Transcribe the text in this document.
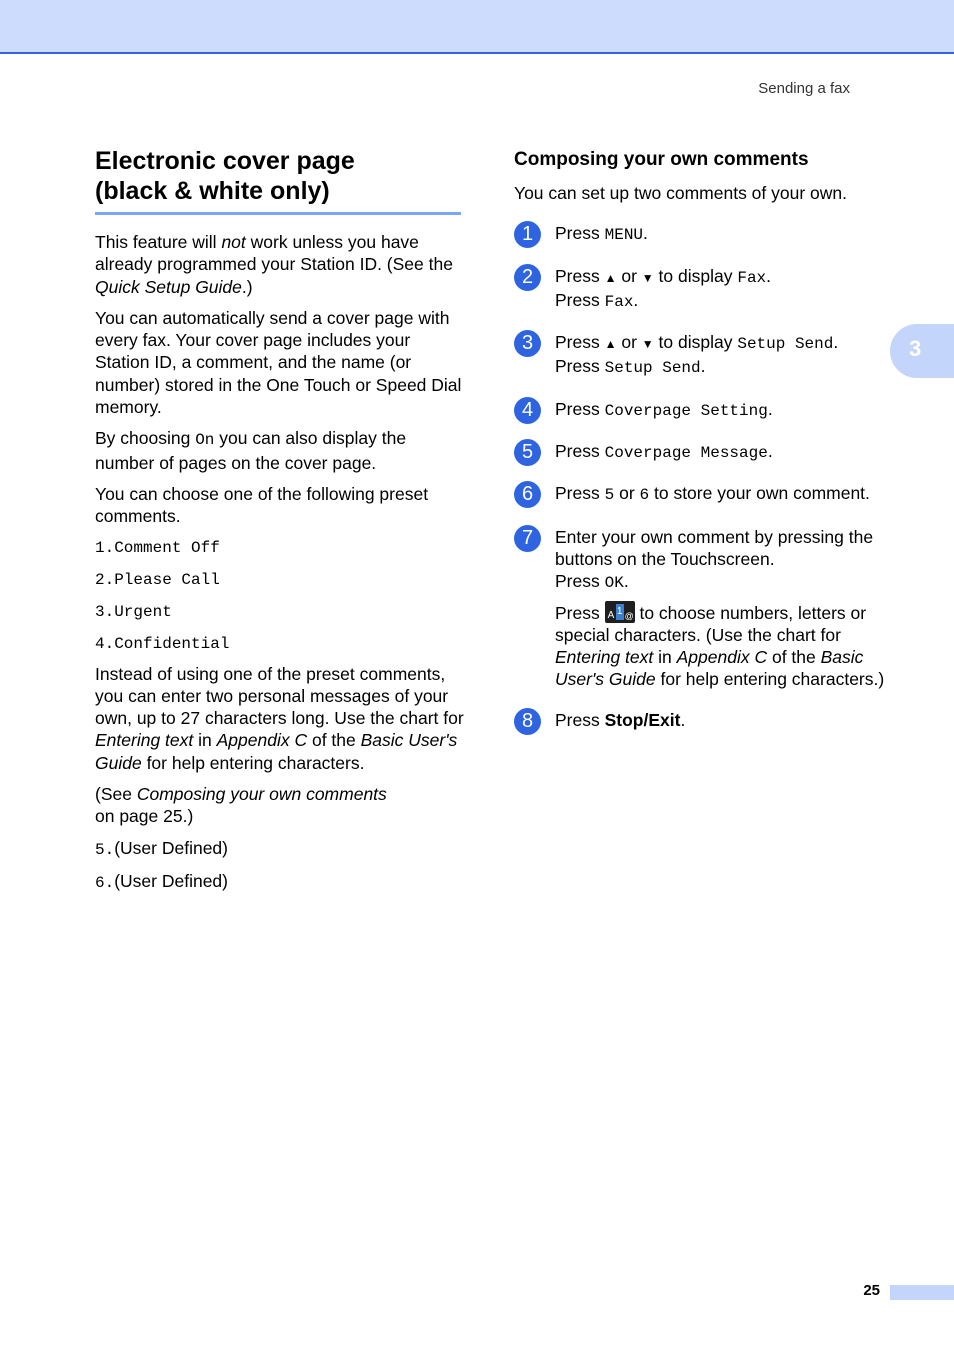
Sending a fax
3
Electronic cover page
(black & white only)

This feature will not work unless you have already programmed your Station ID. (See the Quick Setup Guide.)

You can automatically send a cover page with every fax. Your cover page includes your Station ID, a comment, and the name (or number) stored in the One Touch or Speed Dial memory.

By choosing On you can also display the number of pages on the cover page.

You can choose one of the following preset comments.

1.Comment Off

2.Please Call

3.Urgent

4.Confidential

Instead of using one of the preset comments, you can enter two personal messages of your own, up to 27 characters long. Use the chart for Entering text in Appendix C of the Basic User's Guide for help entering characters.

(See Composing your own comments
on page 25.)

5.(User Defined)

6.(User Defined)

Composing your own comments

You can set up two comments of your own.

1	Press MENU.

2	Press ▲ or ▼ to display Fax.
Press Fax.

3	Press ▲ or ▼ to display Setup Send.
Press Setup Send.

4	Press Coverpage Setting.

5	Press Coverpage Message.

6	Press 5 or 6 to store your own comment.

7	Enter your own comment by pressing the buttons on the Touchscreen.
Press OK.

Press A 1 @ to choose numbers, letters or special characters. (Use the chart for Entering text in Appendix C of the Basic User's Guide for help entering characters.)

8	Press Stop/Exit.

25
